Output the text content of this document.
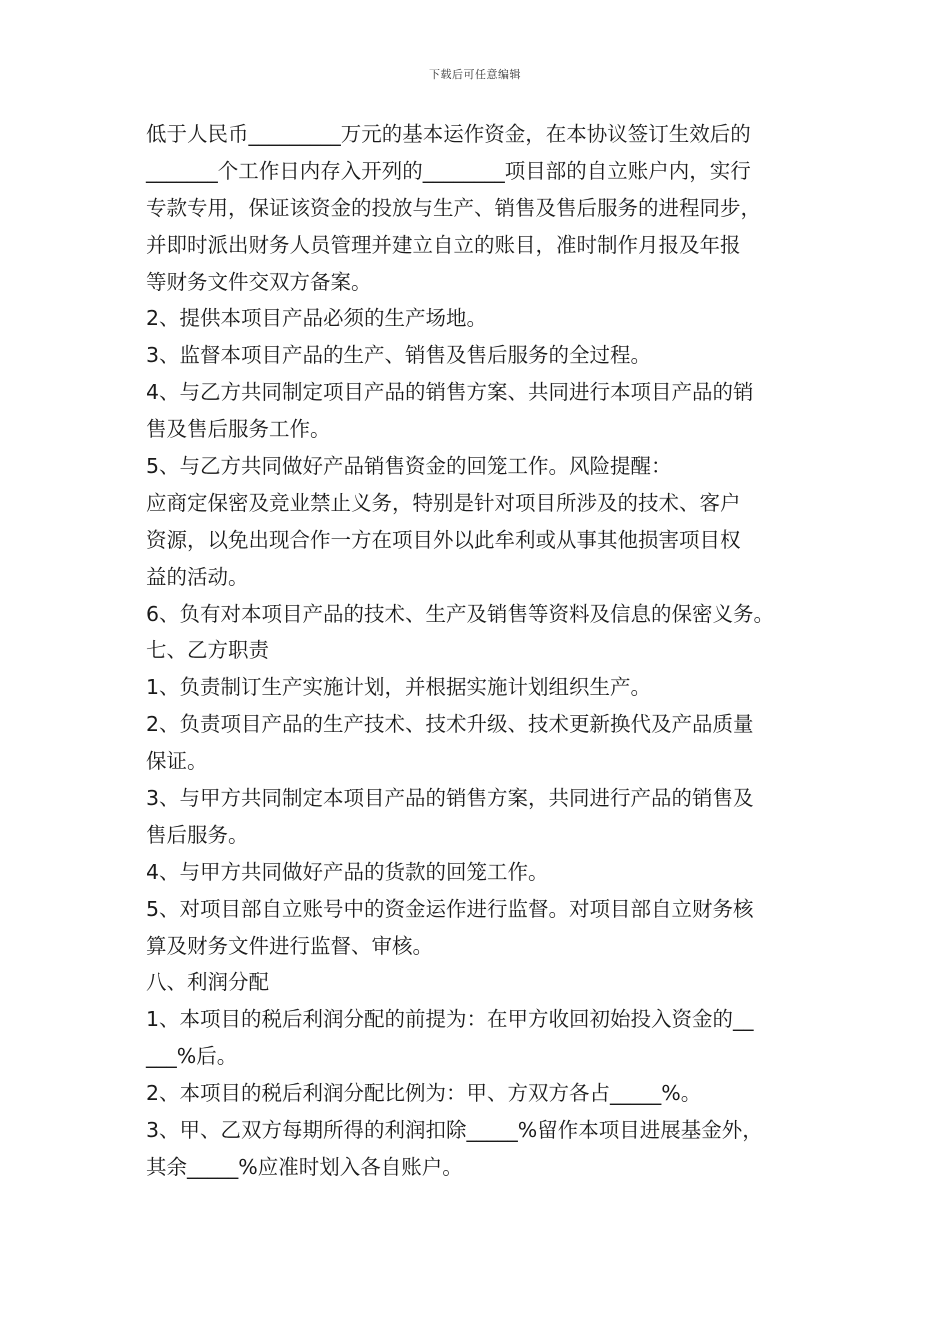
下载后可任意编辑
低于人民币_________万元的基本运作资金，在本协议签订生效后的
_______个工作日内存入开列的________项目部的自立账户内，实行
专款专用，保证该资金的投放与生产、销售及售后服务的进程同步，
并即时派出财务人员管理并建立自立的账目，准时制作月报及年报
等财务文件交双方备案。
2、提供本项目产品必须的生产场地。
3、监督本项目产品的生产、销售及售后服务的全过程。
4、与乙方共同制定项目产品的销售方案、共同进行本项目产品的销
售及售后服务工作。
5、与乙方共同做好产品销售资金的回笼工作。风险提醒：
应商定保密及竞业禁止义务，特别是针对项目所涉及的技术、客户
资源，以免出现合作一方在项目外以此牟利或从事其他损害项目权
益的活动。
6、负有对本项目产品的技术、生产及销售等资料及信息的保密义务。
七、乙方职责
1、负责制订生产实施计划，并根据实施计划组织生产。
2、负责项目产品的生产技术、技术升级、技术更新换代及产品质量
保证。
3、与甲方共同制定本项目产品的销售方案，共同进行产品的销售及
售后服务。
4、与甲方共同做好产品的货款的回笼工作。
5、对项目部自立账号中的资金运作进行监督。对项目部自立财务核
算及财务文件进行监督、审核。
八、利润分配
1、本项目的税后利润分配的前提为：在甲方收回初始投入资金的__
___%后。
2、本项目的税后利润分配比例为：甲、方双方各占_____%。
3、甲、乙双方每期所得的利润扣除_____%留作本项目进展基金外，
其余_____%应准时划入各自账户。
